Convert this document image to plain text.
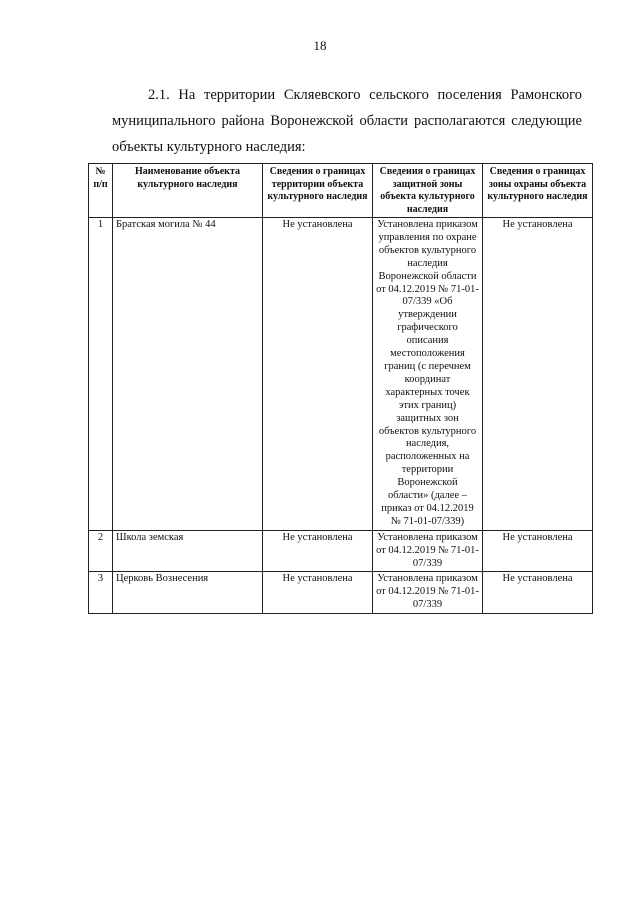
18
2.1. На территории Скляевского сельского поселения Рамонского
муниципального района Воронежской области располагаются следующие
объекты культурного наследия:
№ п/п	Наименование объекта культурного наследия	Сведения о границах территории объекта культурного наследия	Сведения о границах защитной зоны объекта культурного наследия	Сведения о границах зоны охраны объекта культурного наследия
1	Братская могила № 44	Не установлена	Установлена приказом управления по охране объектов культурного наследия Воронежской области от 04.12.2019 № 71-01-07/339 «Об утверждении графического описания местоположения границ (с перечнем координат характерных точек этих границ) защитных зон объектов культурного наследия, расположенных на территории Воронежской области» (далее – приказ от 04.12.2019 № 71-01-07/339)	Не установлена
2	Школа земская	Не установлена	Установлена приказом от 04.12.2019 № 71-01-07/339	Не установлена
3	Церковь Вознесения	Не установлена	Установлена приказом от 04.12.2019 № 71-01-07/339	Не установлена
